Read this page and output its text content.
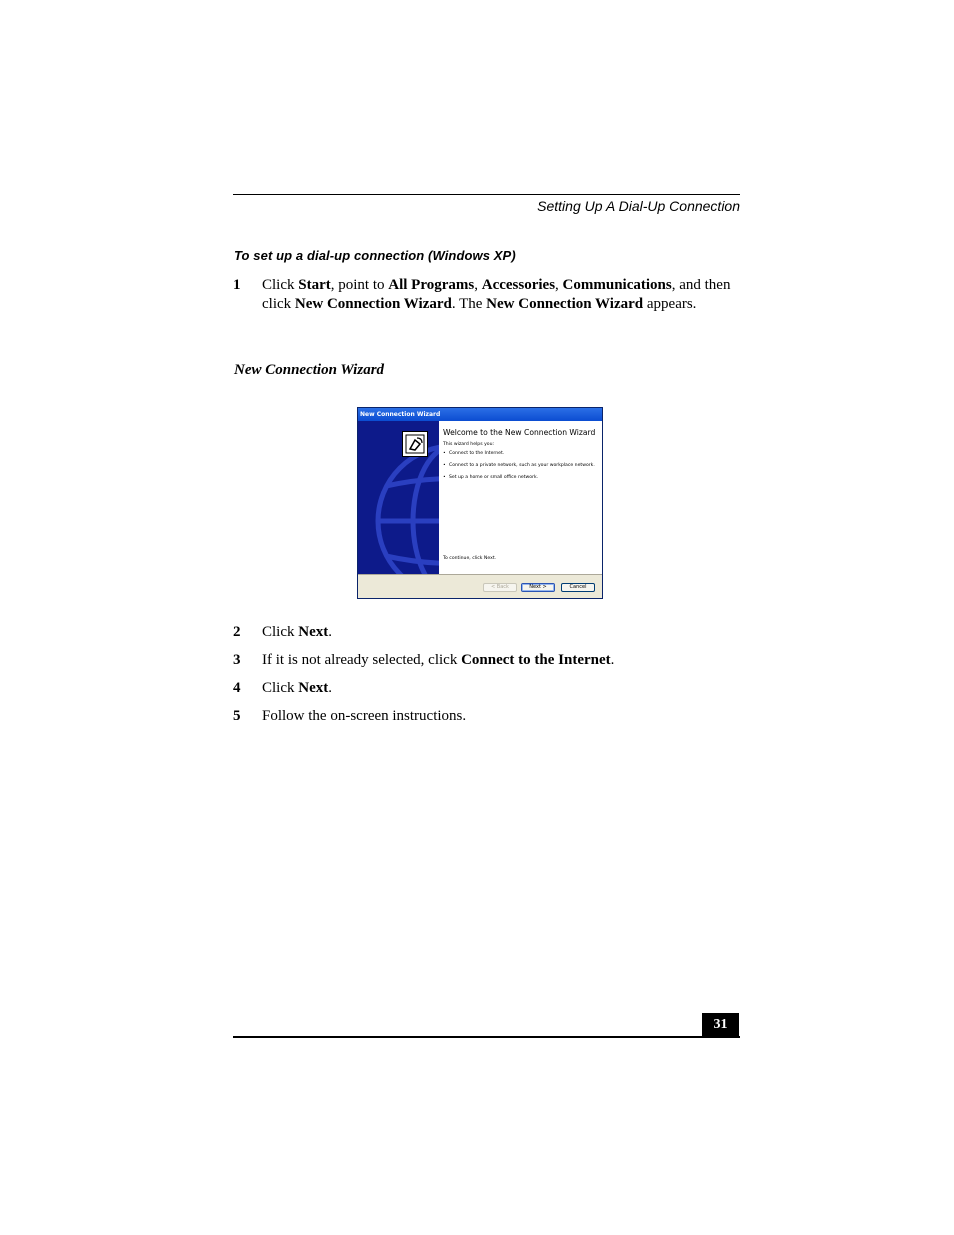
Setting Up A Dial-Up Connection
To set up a dial-up connection (Windows XP)
1 Click Start, point to All Programs, Accessories, Communications, and then click New Connection Wizard. The New Connection Wizard appears.
New Connection Wizard
New Connection Wizard
Welcome to the New Connection Wizard
This wizard helps you:
• Connect to the Internet.
• Connect to a private network, such as your workplace network.
• Set up a home or small office network.
To continue, click Next.
< Back	Next >	Cancel
2 Click Next.
3 If it is not already selected, click Connect to the Internet.
4 Click Next.
5 Follow the on-screen instructions.
31
